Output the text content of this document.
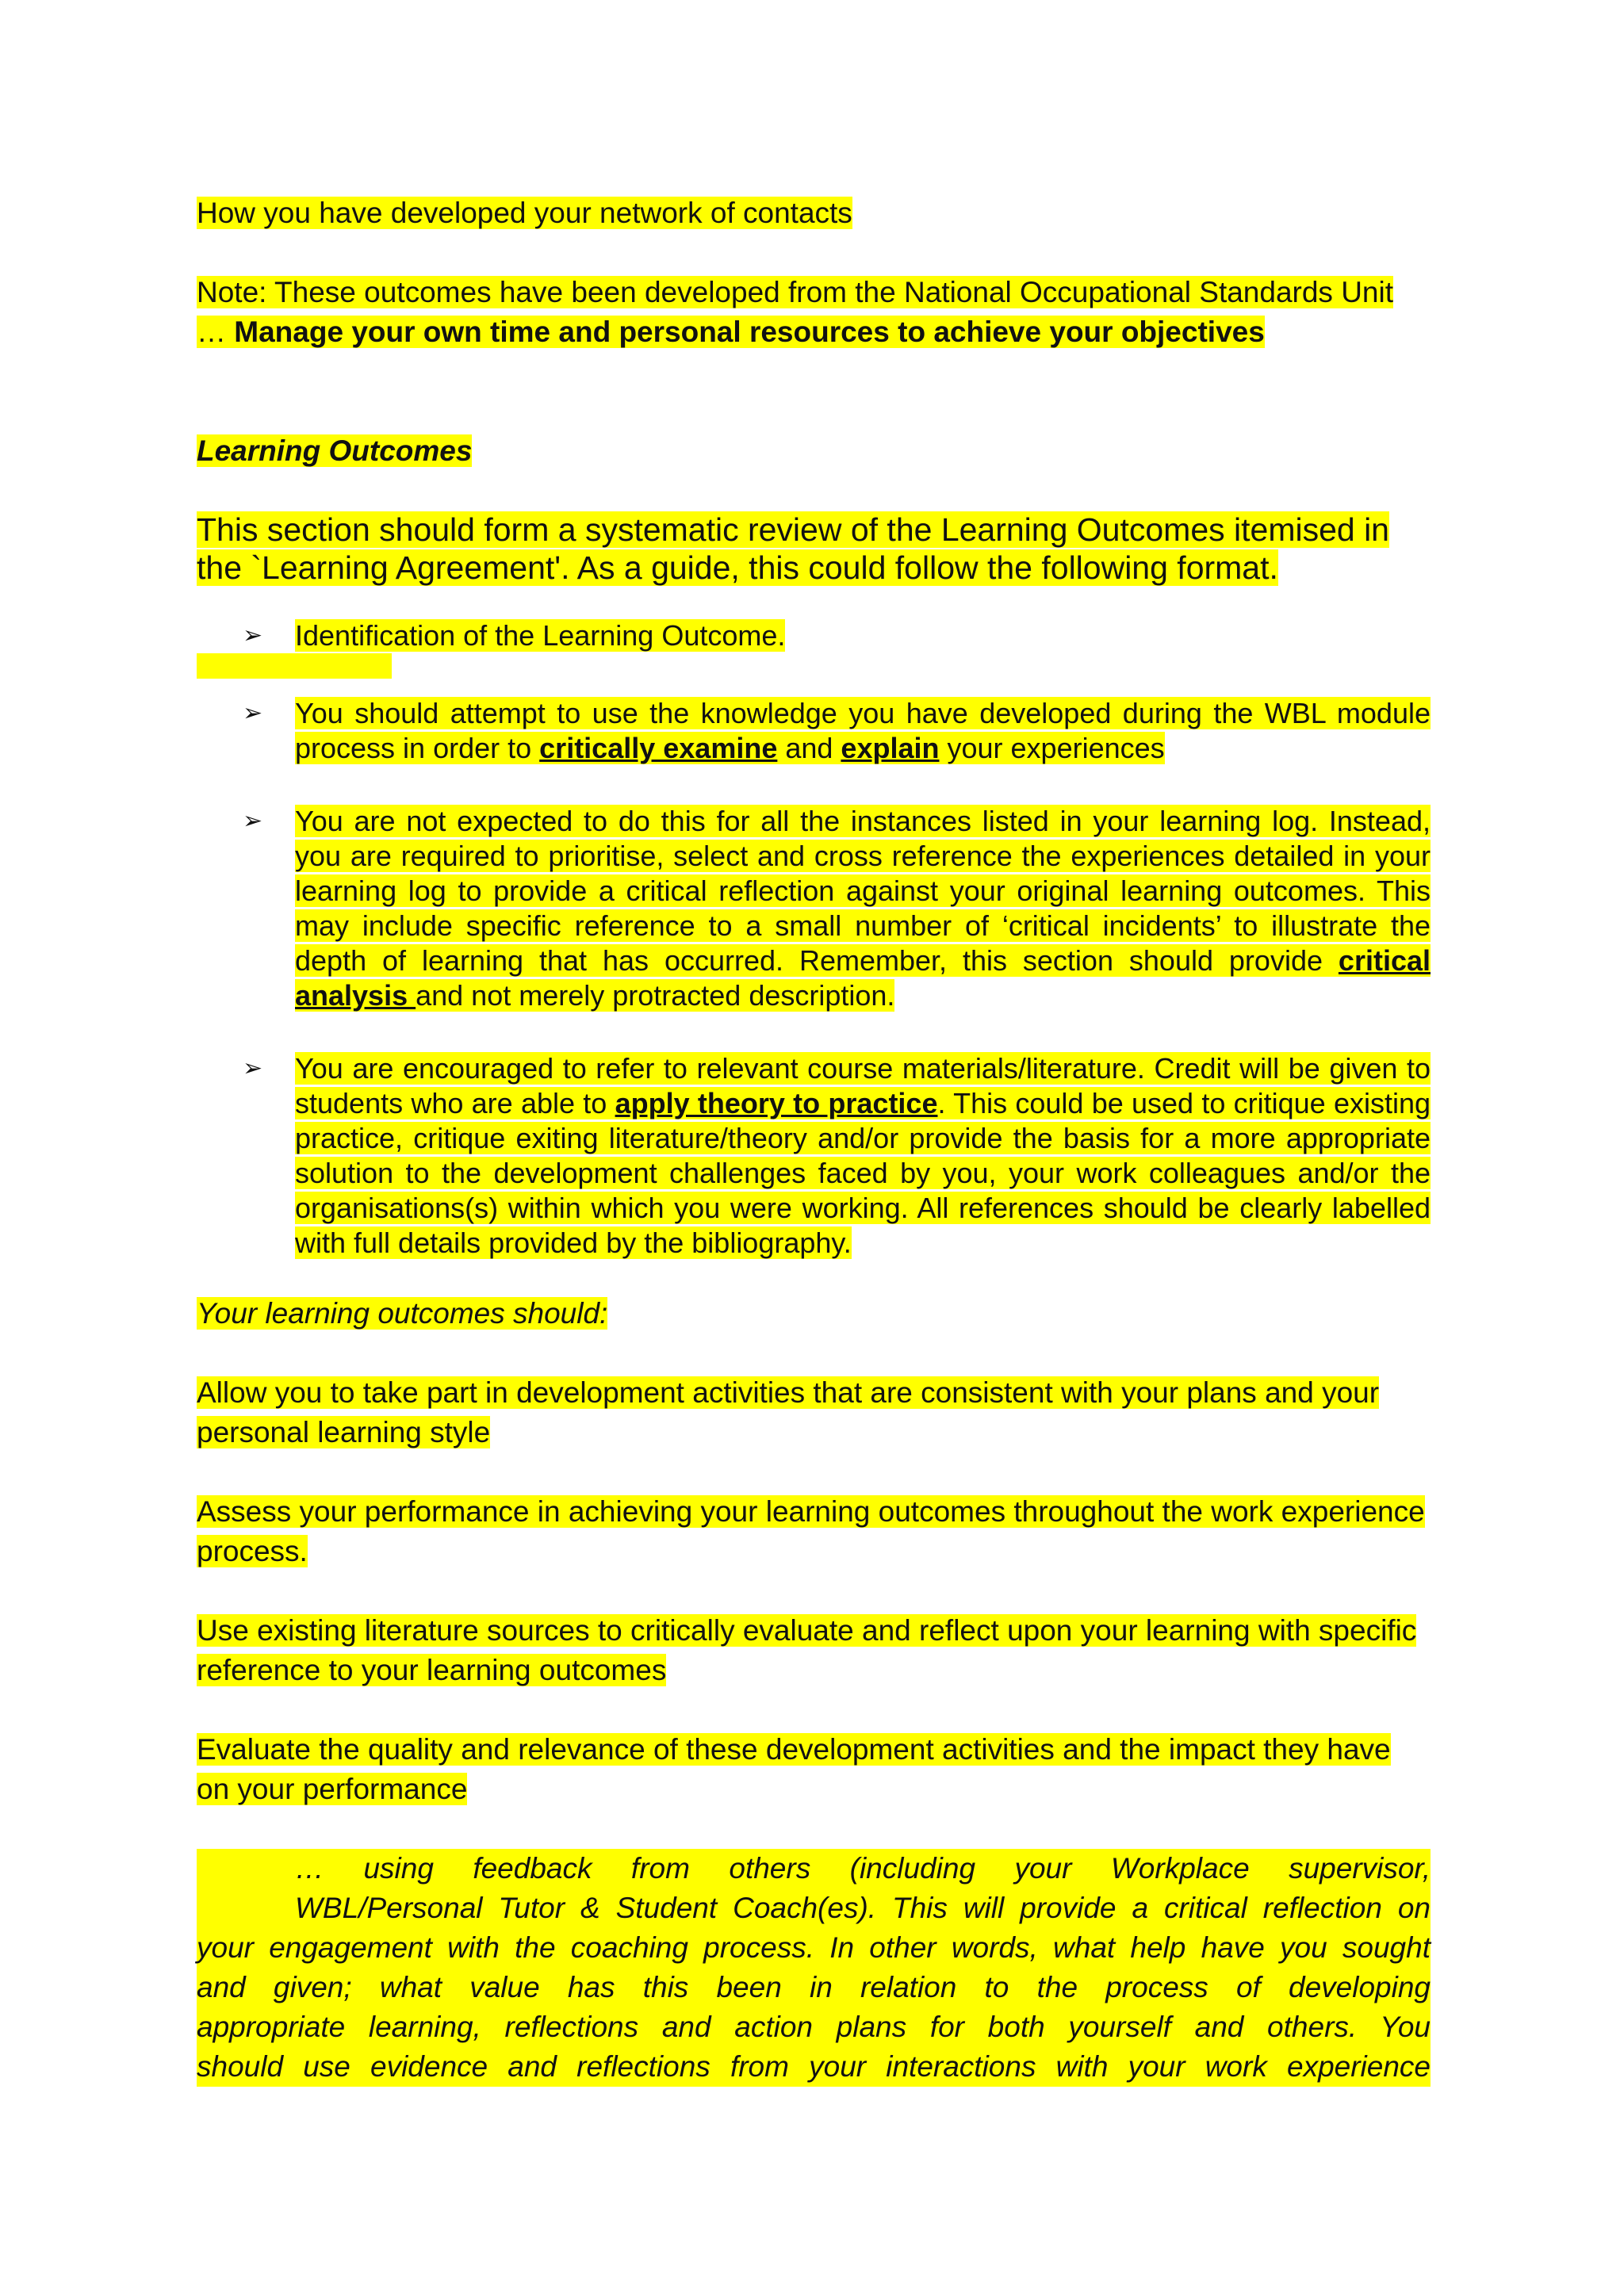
How you have developed your network of contacts

Note: These outcomes have been developed from the National Occupational Standards Unit
… Manage your own time and personal resources to achieve your objectives

Learning Outcomes

This section should form a systematic review of the Learning Outcomes itemised in the `Learning Agreement'. As a guide, this could follow the following format.

➢ Identification of the Learning Outcome.
➢ You should attempt to use the knowledge you have developed during the WBL module process in order to critically examine and explain your experiences
➢ You are not expected to do this for all the instances listed in your learning log. Instead, you are required to prioritise, select and cross reference the experiences detailed in your learning log to provide a critical reflection against your original learning outcomes. This may include specific reference to a small number of ‘critical incidents’ to illustrate the depth of learning that has occurred. Remember, this section should provide critical analysis and not merely protracted description.
➢ You are encouraged to refer to relevant course materials/literature. Credit will be given to students who are able to apply theory to practice. This could be used to critique existing practice, critique exiting literature/theory and/or provide the basis for a more appropriate solution to the development challenges faced by you, your work colleagues and/or the organisations(s) within which you were working. All references should be clearly labelled with full details provided by the bibliography.

Your learning outcomes should:

Allow you to take part in development activities that are consistent with your plans and your personal learning style

Assess your performance in achieving your learning outcomes throughout the work experience process.

Use existing literature sources to critically evaluate and reflect upon your learning with specific reference to your learning outcomes

Evaluate the quality and relevance of these development activities and the impact they have on your performance

… using feedback from others (including your Workplace supervisor,
WBL/Personal Tutor & Student Coach(es). This will provide a critical reflection on
your engagement with the coaching process. In other words, what help have you sought
and given; what value has this been in relation to the process of developing
appropriate learning, reflections and action plans for both yourself and others. You
should use evidence and reflections from your interactions with your work experience
